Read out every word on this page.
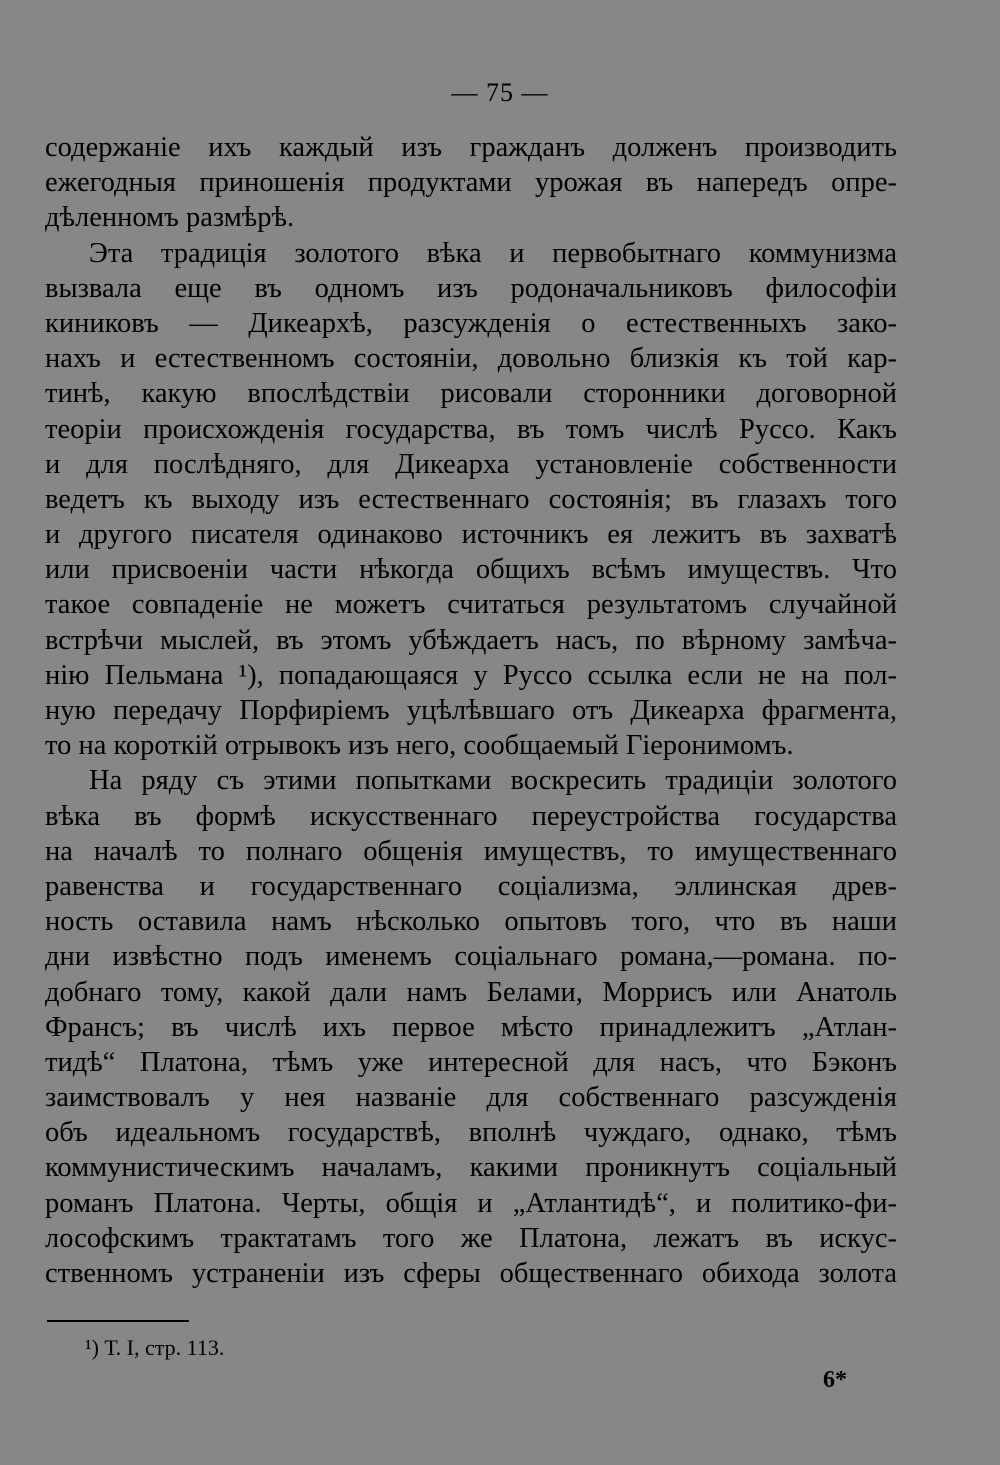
— 75 —
содержаніе ихъ каждый изъ гражданъ долженъ производить
ежегодныя приношенія продуктами урожая въ напередъ опре-
дѣленномъ размѣрѣ.
Эта традиція золотого вѣка и первобытнаго коммунизма
вызвала еще въ одномъ изъ родоначальниковъ философіи
киниковъ — Дикеархѣ, разсужденія о естественныхъ зако-
нахъ и естественномъ состояніи, довольно близкія къ той кар-
тинѣ, какую впослѣдствіи рисовали сторонники договорной
теоріи происхожденія государства, въ томъ числѣ Руссо. Какъ
и для послѣдняго, для Дикеарха установленіе собственности
ведетъ къ выходу изъ естественнаго состоянія; въ глазахъ того
и другого писателя одинаково источникъ ея лежитъ въ захватѣ
или присвоеніи части нѣкогда общихъ всѣмъ имуществъ. Что
такое совпаденіе не можетъ считаться результатомъ случайной
встрѣчи мыслей, въ этомъ убѣждаетъ насъ, по вѣрному замѣча-
нію Пельмана ¹), попадающаяся у Руссо ссылка если не на пол-
ную передачу Порфиріемъ уцѣлѣвшаго отъ Дикеарха фрагмента,
то на короткій отрывокъ изъ него, сообщаемый Гіеронимомъ.
На ряду съ этими попытками воскресить традиціи золотого
вѣка въ формѣ искусственнаго переустройства государства
на началѣ то полнаго общенія имуществъ, то имущественнаго
равенства и государственнаго соціализма, эллинская древ-
ность оставила намъ нѣсколько опытовъ того, что въ наши
дни извѣстно подъ именемъ соціальнаго романа,—романа. по-
добнаго тому, какой дали намъ Белами, Моррисъ или Анатоль
Франсъ; въ числѣ ихъ первое мѣсто принадлежитъ „Атлан-
тидѣ“ Платона, тѣмъ уже интересной для насъ, что Бэконъ
заимствовалъ у нея названіе для собственнаго разсужденія
объ идеальномъ государствѣ, вполнѣ чуждаго, однако, тѣмъ
коммунистическимъ началамъ, какими проникнутъ соціальный
романъ Платона. Черты, общія и „Атлантидѣ“, и политико-фи-
лософскимъ трактатамъ того же Платона, лежатъ въ искус-
ственномъ устраненіи изъ сферы общественнаго обихода золота
¹) Т. I, стр. 113.
6*
